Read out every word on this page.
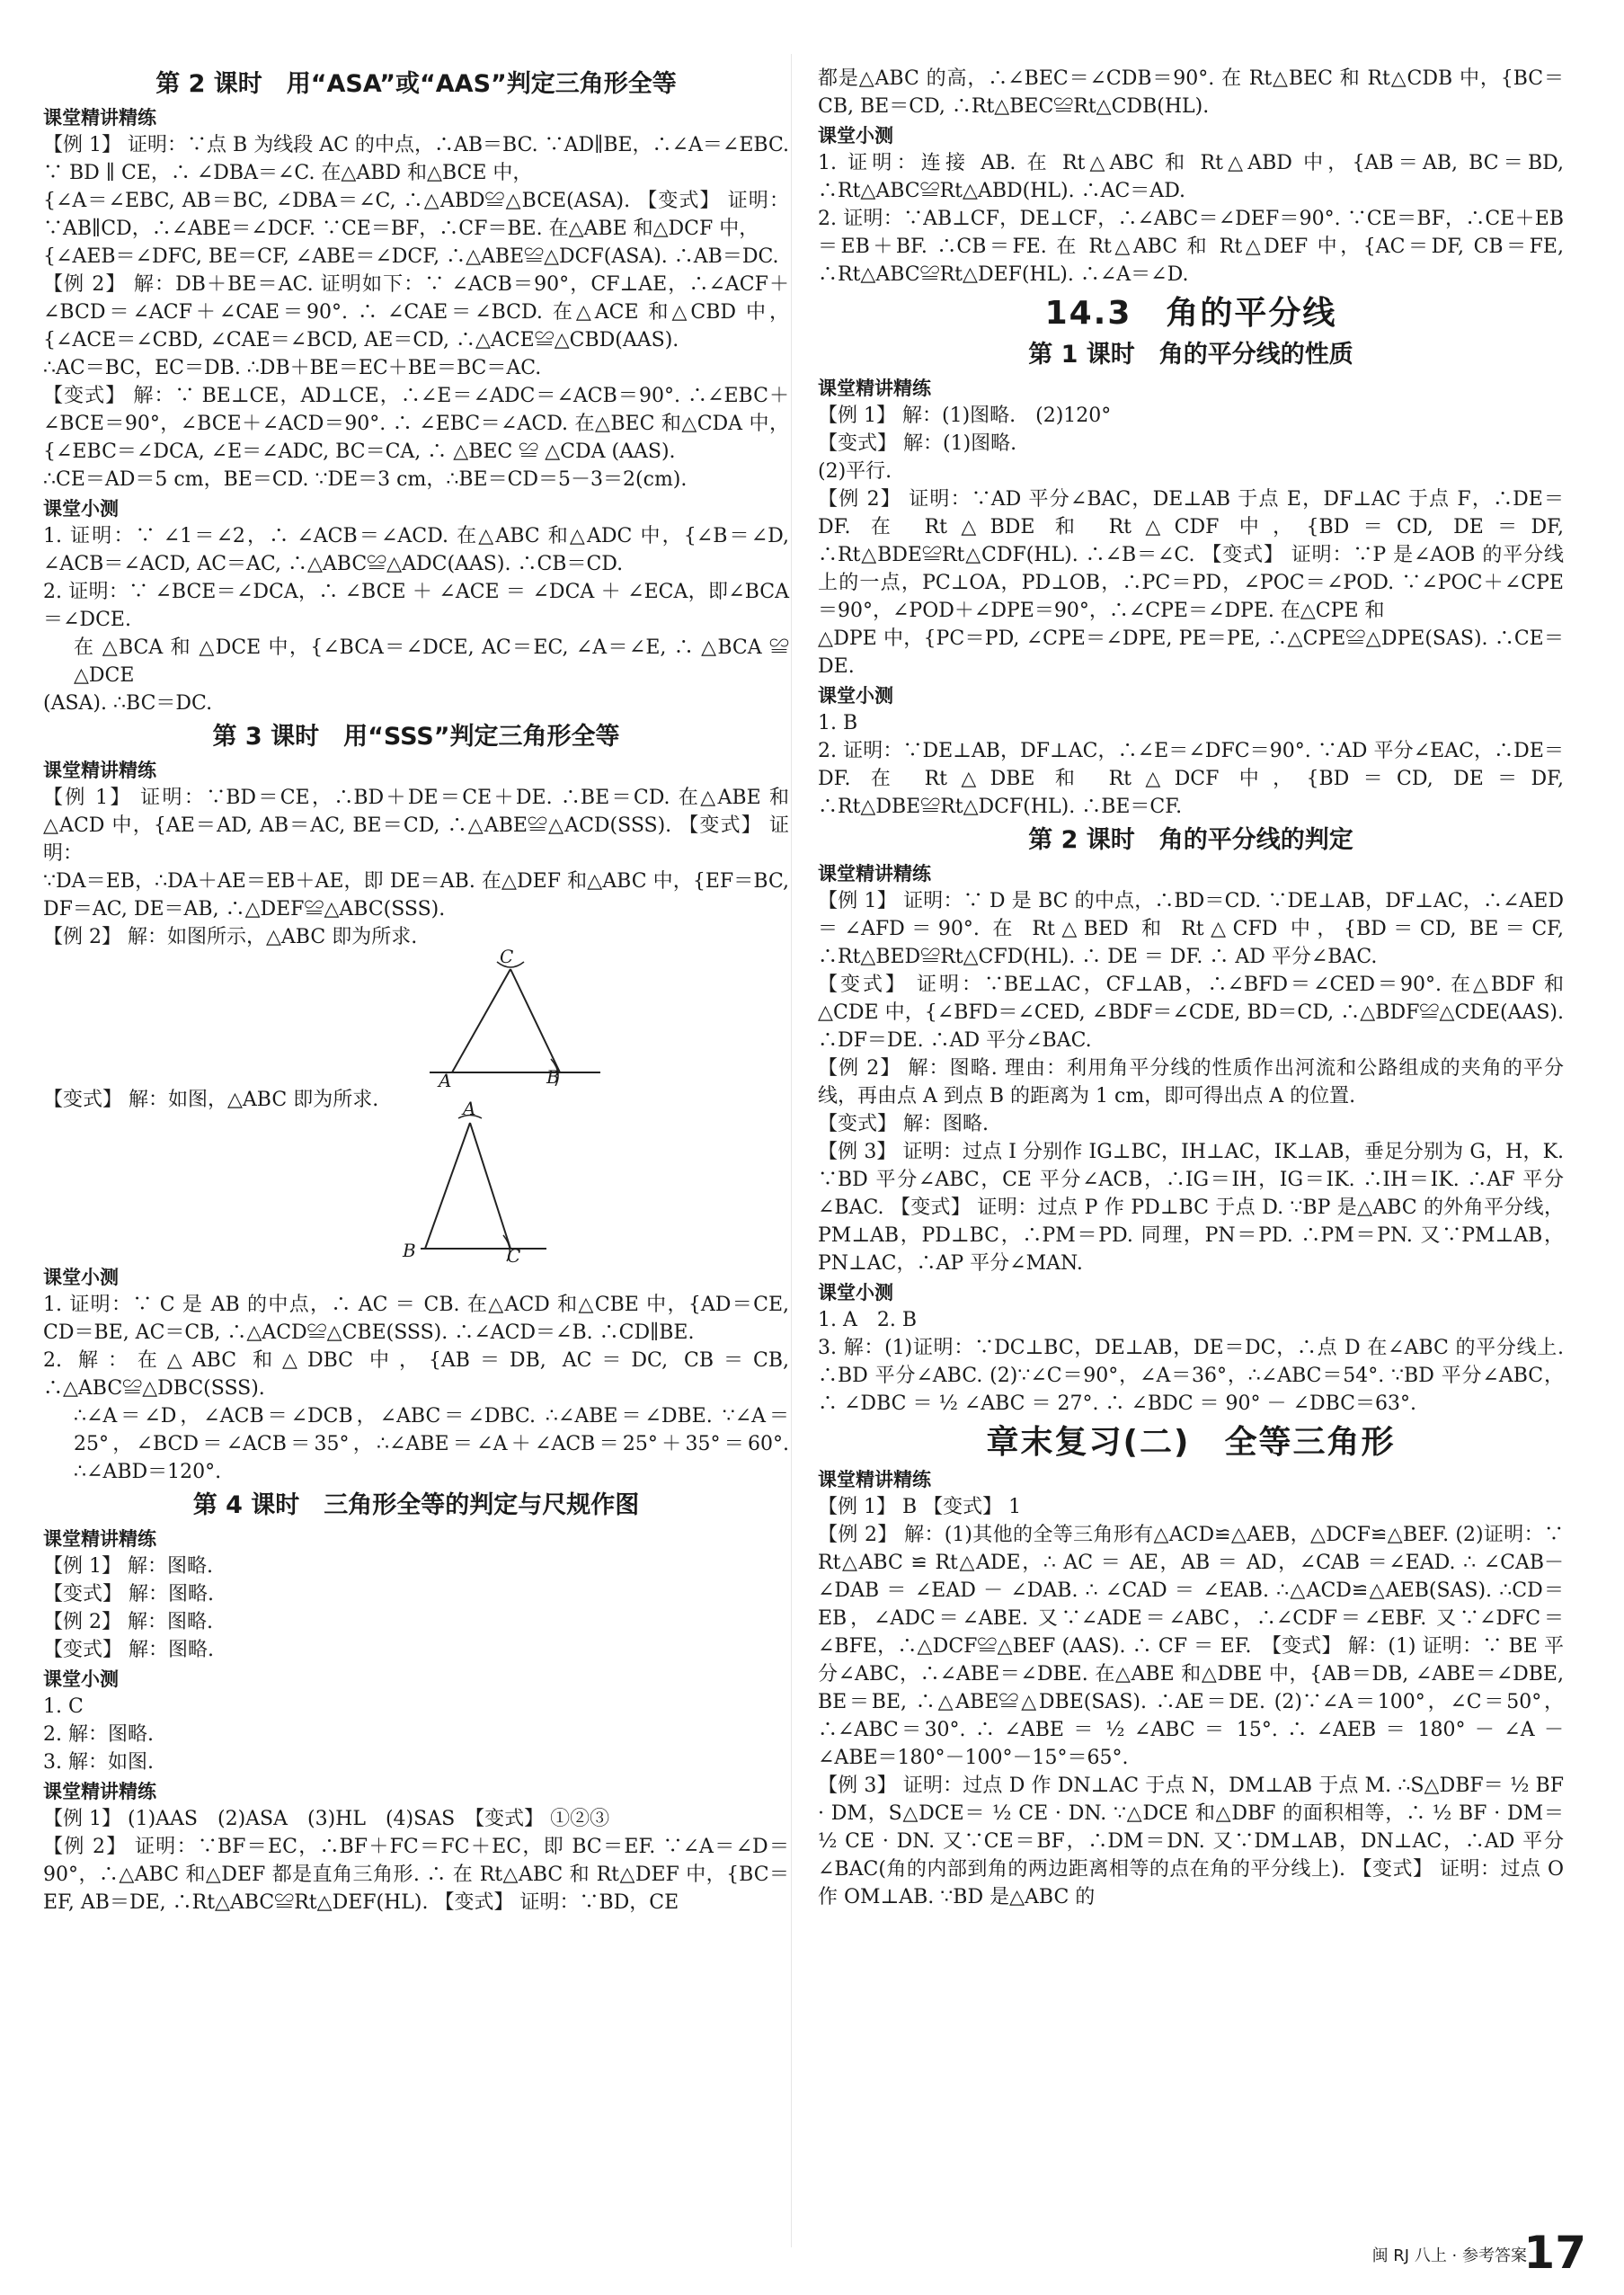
第 2 课时　用“ASA”或“AAS”判定三角形全等
课堂精讲精练

【例 1】 证明：∵点 B 为线段 AC 的中点，∴AB＝BC. ∵AD∥BE，∴∠A＝∠EBC. ∵ BD ∥ CE，∴ ∠DBA＝∠C. 在△ABD 和△BCE 中，

{∠A＝∠EBC, AB＝BC, ∠DBA＝∠C, ∴△ABD≌△BCE(ASA). 【变式】 证明：∵AB∥CD，∴∠ABE＝∠DCF. ∵CE＝BF，∴CF＝BE. 在△ABE 和△DCF 中，

{∠AEB＝∠DFC, BE＝CF, ∠ABE＝∠DCF, ∴△ABE≌△DCF(ASA). ∴AB＝DC.

【例 2】 解：DB＋BE＝AC. 证明如下：∵ ∠ACB＝90°，CF⊥AE，∴∠ACF＋∠BCD＝∠ACF＋∠CAE＝90°. ∴ ∠CAE＝∠BCD. 在△ACE 和△CBD 中，{∠ACE＝∠CBD, ∠CAE＝∠BCD, AE＝CD, ∴△ACE≌△CBD(AAS).

∴AC＝BC，EC＝DB. ∴DB＋BE＝EC＋BE＝BC＝AC.

【变式】 解：∵ BE⊥CE，AD⊥CE，∴∠E＝∠ADC＝∠ACB＝90°. ∴∠EBC＋∠BCE＝90°，∠BCE＋∠ACD＝90°. ∴ ∠EBC＝∠ACD. 在△BEC 和△CDA 中，{∠EBC＝∠DCA, ∠E＝∠ADC, BC＝CA, ∴ △BEC ≌ △CDA (AAS).

∴CE＝AD＝5 cm，BE＝CD. ∵DE＝3 cm，∴BE＝CD＝5－3＝2(cm).

课堂小测

1. 证明：∵ ∠1＝∠2，∴ ∠ACB＝∠ACD. 在△ABC 和△ADC 中，{∠B＝∠D, ∠ACB＝∠ACD, AC＝AC, ∴△ABC≌△ADC(AAS). ∴CB＝CD.

2. 证明：∵ ∠BCE＝∠DCA，∴ ∠BCE ＋ ∠ACE ＝ ∠DCA ＋ ∠ECA，即∠BCA＝∠DCE.

在 △BCA 和 △DCE 中，{∠BCA＝∠DCE, AC＝EC, ∠A＝∠E, ∴ △BCA ≌ △DCE

(ASA). ∴BC＝DC.

第 3 课时　用“SSS”判定三角形全等
课堂精讲精练

【例 1】 证明：∵BD＝CE，∴BD＋DE＝CE＋DE. ∴BE＝CD. 在△ABE 和△ACD 中，{AE＝AD, AB＝AC, BE＝CD, ∴△ABE≌△ACD(SSS). 【变式】 证明：

∵DA＝EB，∴DA＋AE＝EB＋AE，即 DE＝AB. 在△DEF 和△ABC 中，{EF＝BC, DF＝AC, DE＝AB, ∴△DEF≌△ABC(SSS).

【例 2】 解：如图所示，△ABC 即为所求.

C
A	B

【变式】 解：如图，△ABC 即为所求.	A
B	C
课堂小测

1. 证明：∵ C 是 AB 的中点，∴ AC ＝ CB. 在△ACD 和△CBE 中，{AD＝CE, CD＝BE, AC＝CB, ∴△ACD≌△CBE(SSS). ∴∠ACD＝∠B. ∴CD∥BE.

2. 解：在△ABC 和△DBC 中，{AB＝DB, AC＝DC, CB＝CB, ∴△ABC≌△DBC(SSS).

∴∠A＝∠D，∠ACB＝∠DCB，∠ABC＝∠DBC. ∴∠ABE＝∠DBE. ∵∠A＝25°，∠BCD＝∠ACB＝35°，∴∠ABE＝∠A＋∠ACB＝25°＋35°＝60°. ∴∠ABD＝120°.

第 4 课时　三角形全等的判定与尺规作图
课堂精讲精练

【例 1】 解：图略.

【变式】 解：图略.

【例 2】 解：图略.

【变式】 解：图略.

课堂小测

1. C

2. 解：图略.

3. 解：如图.

课堂精讲精练

【例 1】 (1)AAS　(2)ASA　(3)HL　(4)SAS　【变式】 ①②③

【例 2】 证明：∵BF＝EC，∴BF＋FC＝FC＋EC，即 BC＝EF. ∵∠A＝∠D＝90°，∴△ABC 和△DEF 都是直角三角形. ∴ 在 Rt△ABC 和 Rt△DEF 中，{BC＝EF, AB＝DE, ∴Rt△ABC≌Rt△DEF(HL). 【变式】 证明：∵BD，CE

都是△ABC 的高，∴∠BEC＝∠CDB＝90°. 在 Rt△BEC 和 Rt△CDB 中，{BC＝CB, BE＝CD, ∴Rt△BEC≌Rt△CDB(HL).

课堂小测

1. 证明：连接 AB. 在 Rt△ABC 和 Rt△ABD 中，{AB＝AB, BC＝BD, ∴Rt△ABC≌Rt△ABD(HL). ∴AC＝AD.

2. 证明：∵AB⊥CF，DE⊥CF，∴∠ABC＝∠DEF＝90°. ∵CE＝BF，∴CE＋EB＝EB＋BF. ∴CB＝FE. 在 Rt△ABC 和 Rt△DEF 中，{AC＝DF, CB＝FE, ∴Rt△ABC≌Rt△DEF(HL). ∴∠A＝∠D.

14.3　角的平分线
第 1 课时　角的平分线的性质
课堂精讲精练

【例 1】 解：(1)图略.　(2)120°

【变式】 解：(1)图略.

(2)平行.

【例 2】 证明：∵AD 平分∠BAC，DE⊥AB 于点 E，DF⊥AC 于点 F，∴DE＝DF. 在 Rt△BDE 和 Rt△CDF 中，{BD＝CD, DE＝DF, ∴Rt△BDE≌Rt△CDF(HL). ∴∠B＝∠C. 【变式】 证明：∵P 是∠AOB 的平分线上的一点，PC⊥OA，PD⊥OB，∴PC＝PD，∠POC＝∠POD. ∵∠POC＋∠CPE＝90°，∠POD＋∠DPE＝90°，∴∠CPE＝∠DPE. 在△CPE 和

△DPE 中，{PC＝PD, ∠CPE＝∠DPE, PE＝PE, ∴△CPE≌△DPE(SAS). ∴CE＝DE.

课堂小测

1. B

2. 证明：∵DE⊥AB，DF⊥AC，∴∠E＝∠DFC＝90°. ∵AD 平分∠EAC，∴DE＝DF. 在 Rt△DBE 和 Rt△DCF 中，{BD＝CD, DE＝DF, ∴Rt△DBE≌Rt△DCF(HL). ∴BE＝CF.

第 2 课时　角的平分线的判定
课堂精讲精练

【例 1】 证明：∵ D 是 BC 的中点，∴BD＝CD. ∵DE⊥AB，DF⊥AC，∴∠AED＝∠AFD＝90°. 在 Rt△BED 和 Rt△CFD 中，{BD＝CD, BE＝CF, ∴Rt△BED≌Rt△CFD(HL). ∴ DE ＝ DF. ∴ AD 平分∠BAC.

【变式】 证明：∵BE⊥AC，CF⊥AB，∴∠BFD＝∠CED＝90°. 在△BDF 和△CDE 中，{∠BFD＝∠CED, ∠BDF＝∠CDE, BD＝CD, ∴△BDF≌△CDE(AAS). ∴DF＝DE. ∴AD 平分∠BAC.

【例 2】 解：图略. 理由：利用角平分线的性质作出河流和公路组成的夹角的平分线，再由点 A 到点 B 的距离为 1 cm，即可得出点 A 的位置.

【变式】 解：图略.

【例 3】 证明：过点 I 分别作 IG⊥BC，IH⊥AC，IK⊥AB，垂足分别为 G，H，K. ∵BD 平分∠ABC，CE 平分∠ACB，∴IG＝IH，IG＝IK. ∴IH＝IK. ∴AF 平分∠BAC. 【变式】 证明：过点 P 作 PD⊥BC 于点 D. ∵BP 是△ABC 的外角平分线，PM⊥AB，PD⊥BC，∴PM＝PD. 同理，PN＝PD. ∴PM＝PN. 又∵PM⊥AB，PN⊥AC，∴AP 平分∠MAN.

课堂小测

1. A　2. B

3. 解：(1)证明：∵DC⊥BC，DE⊥AB，DE＝DC，∴点 D 在∠ABC 的平分线上. ∴BD 平分∠ABC. (2)∵∠C＝90°，∠A＝36°，∴∠ABC＝54°. ∵BD 平分∠ABC，∴ ∠DBC ＝ ½ ∠ABC ＝ 27°. ∴ ∠BDC ＝ 90° － ∠DBC＝63°.

章末复习(二)　全等三角形
课堂精讲精练

【例 1】 B 【变式】 1

【例 2】 解：(1)其他的全等三角形有△ACD≌△AEB，△DCF≌△BEF. (2)证明：∵ Rt△ABC ≌ Rt△ADE，∴ AC ＝ AE，AB ＝ AD，∠CAB ＝∠EAD. ∴ ∠CAB－∠DAB ＝ ∠EAD － ∠DAB. ∴ ∠CAD ＝ ∠EAB. ∴△ACD≌△AEB(SAS). ∴CD＝EB，∠ADC＝∠ABE. 又∵∠ADE＝∠ABC，∴∠CDF＝∠EBF. 又∵∠DFC＝∠BFE，∴△DCF≌△BEF (AAS). ∴ CF ＝ EF.　【变式】 解：(1) 证明：∵ BE 平分∠ABC，∴∠ABE＝∠DBE. 在△ABE 和△DBE 中，{AB＝DB, ∠ABE＝∠DBE, BE＝BE, ∴△ABE≌△DBE(SAS). ∴AE＝DE. (2)∵∠A＝100°，∠C＝50°，∴∠ABC＝30°. ∴ ∠ABE ＝ ½ ∠ABC ＝ 15°. ∴ ∠AEB ＝ 180° － ∠A － ∠ABE＝180°－100°－15°＝65°.

【例 3】 证明：过点 D 作 DN⊥AC 于点 N，DM⊥AB 于点 M. ∴S△DBF＝ ½ BF · DM，S△DCE＝ ½ CE · DN. ∵△DCE 和△DBF 的面积相等，∴ ½ BF · DM＝ ½ CE · DN. 又∵CE＝BF，∴DM＝DN. 又∵DM⊥AB，DN⊥AC，∴AD 平分∠BAC(角的内部到角的两边距离相等的点在角的平分线上). 【变式】 证明：过点 O 作 OM⊥AB. ∵BD 是△ABC 的

闽 RJ 八上 · 参考答案
17
